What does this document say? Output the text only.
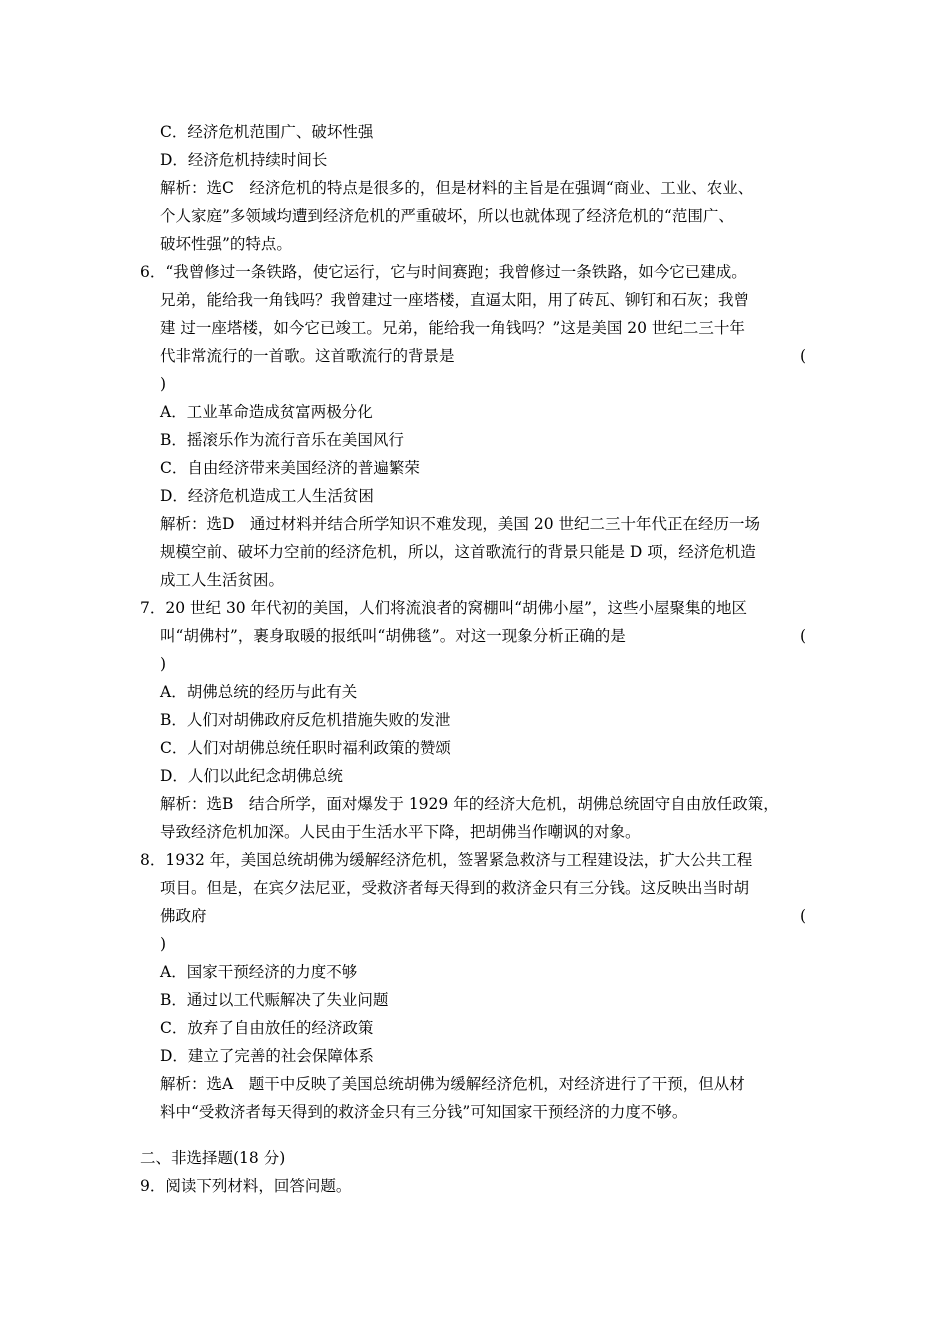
C．经济危机范围广、破坏性强
D．经济危机持续时间长
解析：选C　经济危机的特点是很多的，但是材料的主旨是在强调“商业、工业、农业、
个人家庭”多领域均遭到经济危机的严重破坏，所以也就体现了经济危机的“范围广、
破坏性强”的特点。
6．“我曾修过一条铁路，使它运行，它与时间赛跑；我曾修过一条铁路，如今它已建成。
兄弟，能给我一角钱吗？我曾建过一座塔楼，直逼太阳，用了砖瓦、铆钉和石灰；我曾
建 过一座塔楼，如今它已竣工。兄弟，能给我一角钱吗？”这是美国 20 世纪二三十年
代非常流行的一首歌。这首歌流行的背景是	(
)
A．工业革命造成贫富两极分化
B．摇滚乐作为流行音乐在美国风行
C．自由经济带来美国经济的普遍繁荣
D．经济危机造成工人生活贫困
解析：选D　通过材料并结合所学知识不难发现，美国 20 世纪二三十年代正在经历一场
规模空前、破坏力空前的经济危机，所以，这首歌流行的背景只能是 D 项，经济危机造
成工人生活贫困。
7．20 世纪 30 年代初的美国，人们将流浪者的窝棚叫“胡佛小屋”，这些小屋聚集的地区
叫“胡佛村”，裹身取暖的报纸叫“胡佛毯”。对这一现象分析正确的是	(
)
A．胡佛总统的经历与此有关
B．人们对胡佛政府反危机措施失败的发泄
C．人们对胡佛总统任职时福利政策的赞颂
D．人们以此纪念胡佛总统
解析：选B　结合所学，面对爆发于 1929 年的经济大危机，胡佛总统固守自由放任政策，
导致经济危机加深。人民由于生活水平下降，把胡佛当作嘲讽的对象。
8．1932 年，美国总统胡佛为缓解经济危机，签署紧急救济与工程建设法，扩大公共工程
项目。但是，在宾夕法尼亚，受救济者每天得到的救济金只有三分钱。这反映出当时胡
佛政府	(
)
A．国家干预经济的力度不够
B．通过以工代赈解决了失业问题
C．放弃了自由放任的经济政策
D．建立了完善的社会保障体系
解析：选A　题干中反映了美国总统胡佛为缓解经济危机，对经济进行了干预，但从材
料中“受救济者每天得到的救济金只有三分钱”可知国家干预经济的力度不够。
二、非选择题(18 分)
9．阅读下列材料，回答问题。
